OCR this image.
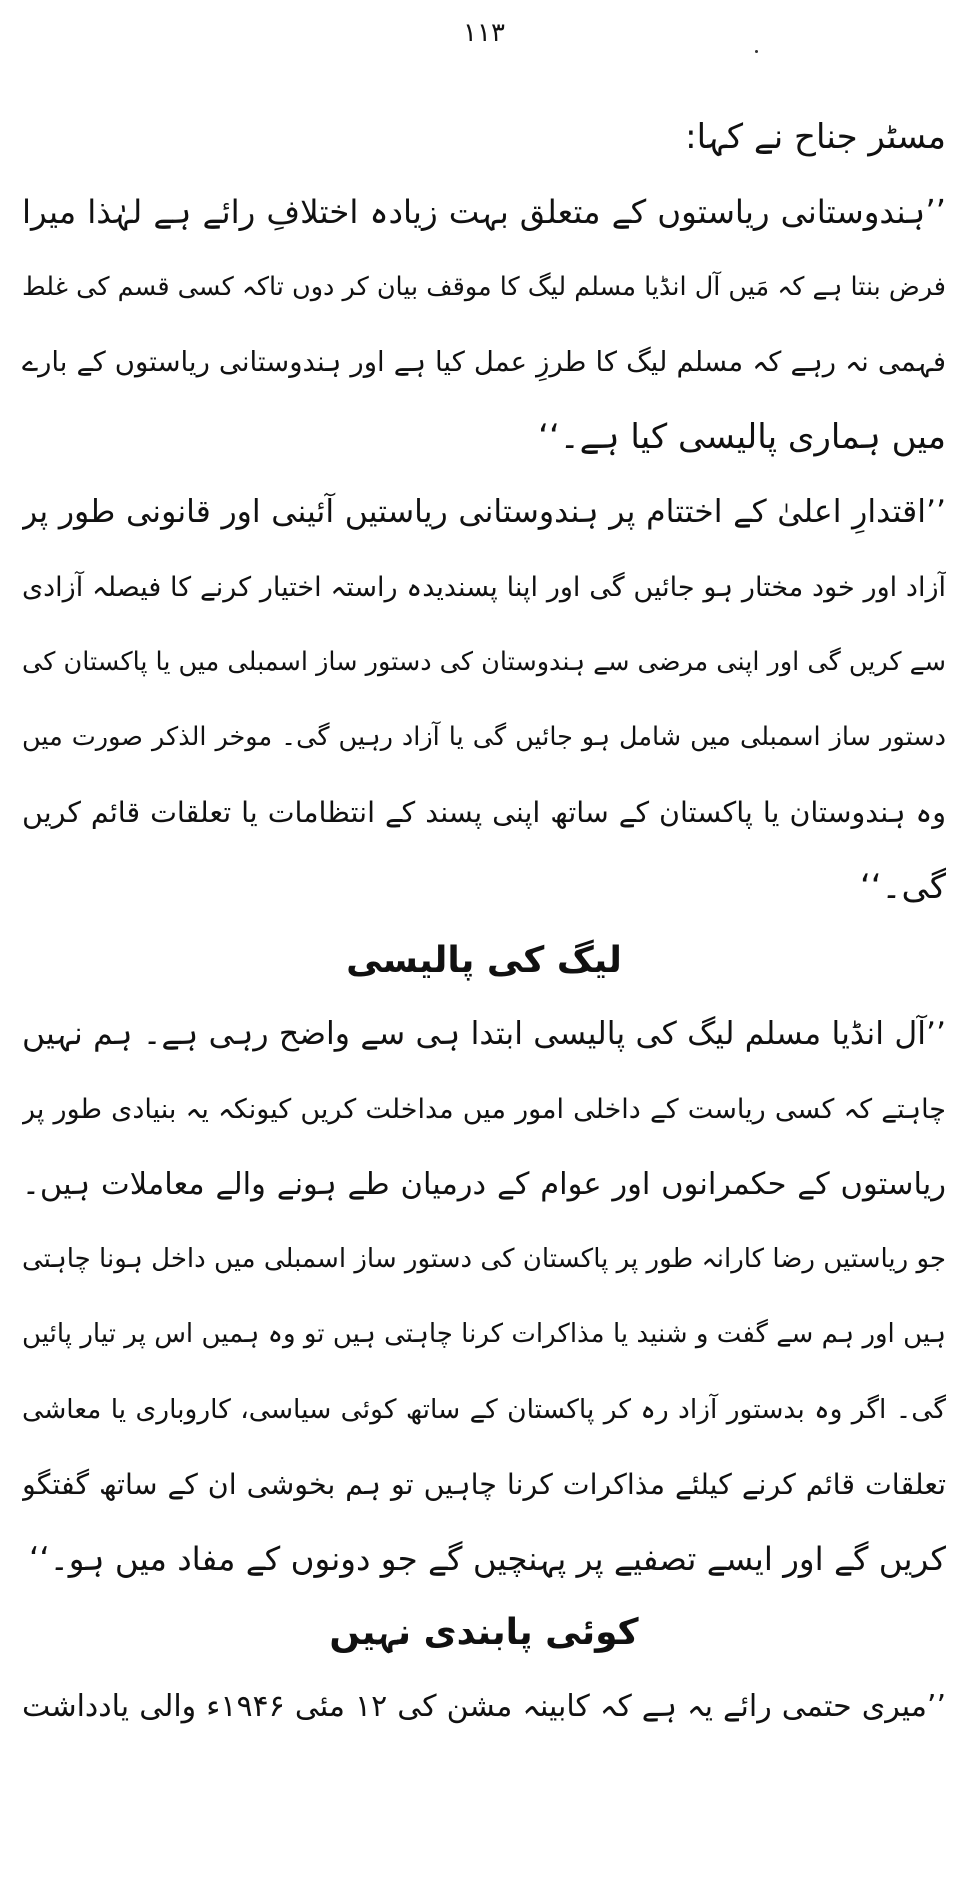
۱۱۳
مسٹر جناح نے کہا:
’’ہندوستانی ریاستوں کے متعلق بہت زیادہ اختلافِ رائے ہے لہٰذا میرا
فرض بنتا ہے کہ مَیں آل انڈیا مسلم لیگ کا موقف بیان کر دوں تاکہ کسی قسم کی غلط
فہمی نہ رہے کہ مسلم لیگ کا طرزِ عمل کیا ہے اور ہندوستانی ریاستوں کے بارے
میں ہماری پالیسی کیا ہے۔‘‘
’’اقتدارِ اعلیٰ کے اختتام پر ہندوستانی ریاستیں آئینی اور قانونی طور پر
آزاد اور خود مختار ہو جائیں گی اور اپنا پسندیدہ راستہ اختیار کرنے کا فیصلہ آزادی
سے کریں گی اور اپنی مرضی سے ہندوستان کی دستور ساز اسمبلی میں یا پاکستان کی
دستور ساز اسمبلی میں شامل ہو جائیں گی یا آزاد رہیں گی۔ موخر الذکر صورت میں
وہ ہندوستان یا پاکستان کے ساتھ اپنی پسند کے انتظامات یا تعلقات قائم کریں
گی۔‘‘
لیگ کی پالیسی
’’آل انڈیا مسلم لیگ کی پالیسی ابتدا ہی سے واضح رہی ہے۔ ہم نہیں
چاہتے کہ کسی ریاست کے داخلی امور میں مداخلت کریں کیونکہ یہ بنیادی طور پر
ریاستوں کے حکمرانوں اور عوام کے درمیان طے ہونے والے معاملات ہیں۔
جو ریاستیں رضا کارانہ طور پر پاکستان کی دستور ساز اسمبلی میں داخل ہونا چاہتی
ہیں اور ہم سے گفت و شنید یا مذاکرات کرنا چاہتی ہیں تو وہ ہمیں اس پر تیار پائیں
گی۔ اگر وہ بدستور آزاد رہ کر پاکستان کے ساتھ کوئی سیاسی، کاروباری یا معاشی
تعلقات قائم کرنے کیلئے مذاکرات کرنا چاہیں تو ہم بخوشی ان کے ساتھ گفتگو
کریں گے اور ایسے تصفیے پر پہنچیں گے جو دونوں کے مفاد میں ہو۔‘‘
کوئی پابندی نہیں
’’میری حتمی رائے یہ ہے کہ کابینہ مشن کی ۱۲ مئی ۱۹۴۶ء والی یادداشت
